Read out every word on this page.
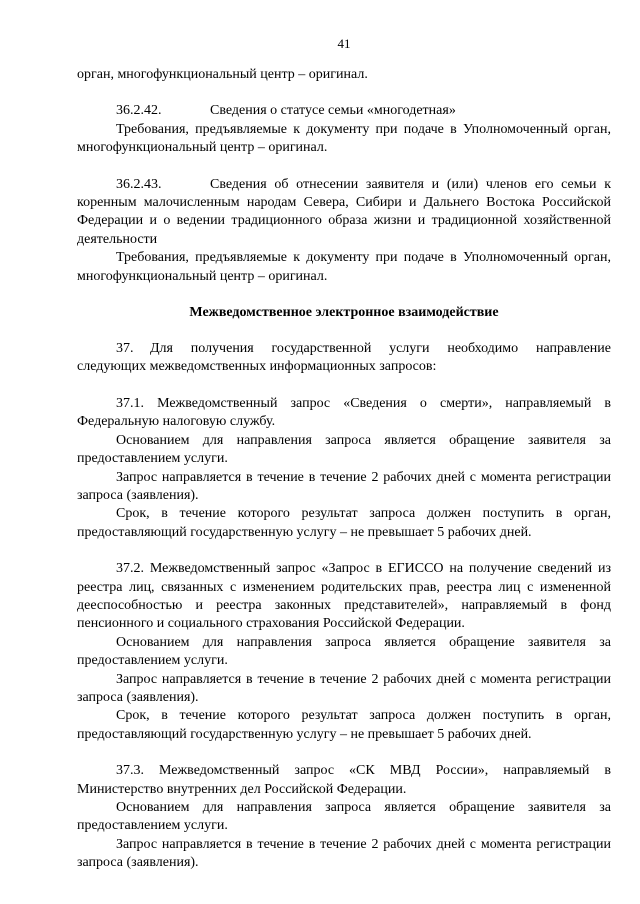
41

орган, многофункциональный центр – оригинал.

36.2.42.	Сведения о статусе семьи «многодетная»

Требования, предъявляемые к документу при подаче в Уполномоченный орган, многофункциональный центр – оригинал.

36.2.43.	Сведения об отнесении заявителя и (или) членов его семьи к коренным малочисленным народам Севера, Сибири и Дальнего Востока Российской Федерации и о ведении традиционного образа жизни и традиционной хозяйственной деятельности

Требования, предъявляемые к документу при подаче в Уполномоченный орган, многофункциональный центр – оригинал.

Межведомственное электронное взаимодействие

37. Для получения государственной услуги необходимо направление следующих межведомственных информационных запросов:

37.1. Межведомственный запрос «Сведения о смерти», направляемый в Федеральную налоговую службу.

Основанием для направления запроса является обращение заявителя за предоставлением услуги.

Запрос направляется в течение в течение 2 рабочих дней с момента регистрации запроса (заявления).

Срок, в течение которого результат запроса должен поступить в орган, предоставляющий государственную услугу – не превышает 5 рабочих дней.

37.2. Межведомственный запрос «Запрос в ЕГИССО на получение сведений из реестра лиц, связанных с изменением родительских прав, реестра лиц с измененной дееспособностью и реестра законных представителей», направляемый в фонд пенсионного и социального страхования Российской Федерации.

Основанием для направления запроса является обращение заявителя за предоставлением услуги.

Запрос направляется в течение в течение 2 рабочих дней с момента регистрации запроса (заявления).

Срок, в течение которого результат запроса должен поступить в орган, предоставляющий государственную услугу – не превышает 5 рабочих дней.

37.3. Межведомственный запрос «СК МВД России», направляемый в Министерство внутренних дел Российской Федерации.

Основанием для направления запроса является обращение заявителя за предоставлением услуги.

Запрос направляется в течение в течение 2 рабочих дней с момента регистрации запроса (заявления).
